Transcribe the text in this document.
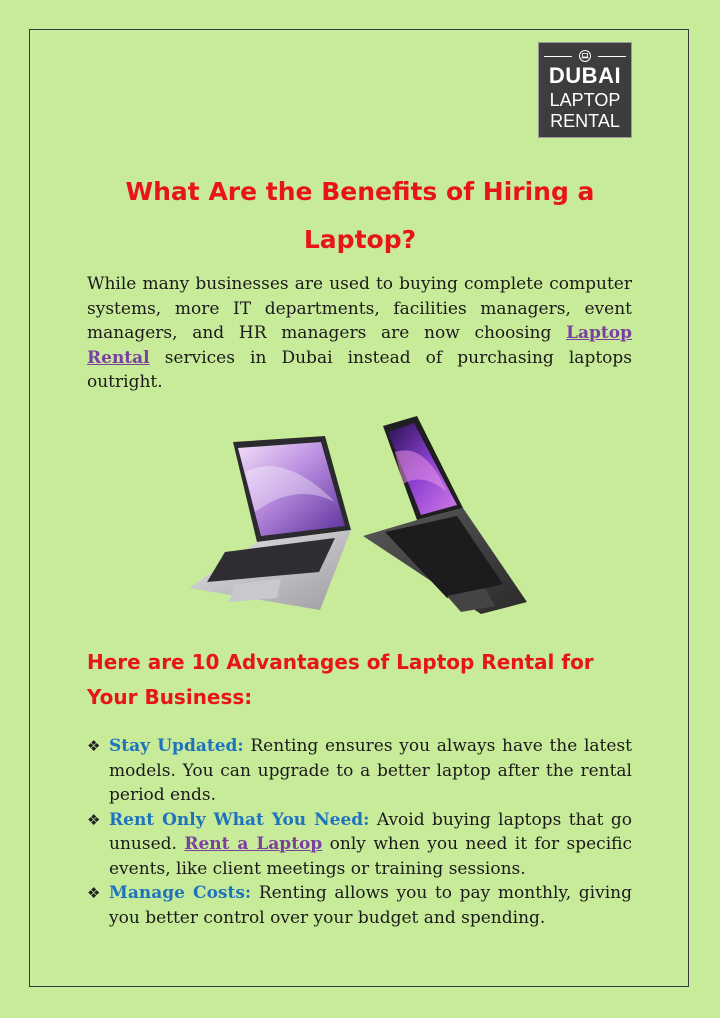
DUBAI
LAPTOP
RENTAL
What Are the Benefits of Hiring a
Laptop?

While many businesses are used to buying complete computer systems, more IT departments, facilities managers, event managers, and HR managers are now choosing Laptop Rental services in Dubai instead of purchasing laptops outright.

Here are 10 Advantages of Laptop Rental for
Your Business:
❖ Stay Updated: Renting ensures you always have the latest models. You can upgrade to a better laptop after the rental period ends.
❖ Rent Only What You Need: Avoid buying laptops that go unused. Rent a Laptop only when you need it for specific events, like client meetings or training sessions.
❖ Manage Costs: Renting allows you to pay monthly, giving you better control over your budget and spending.
